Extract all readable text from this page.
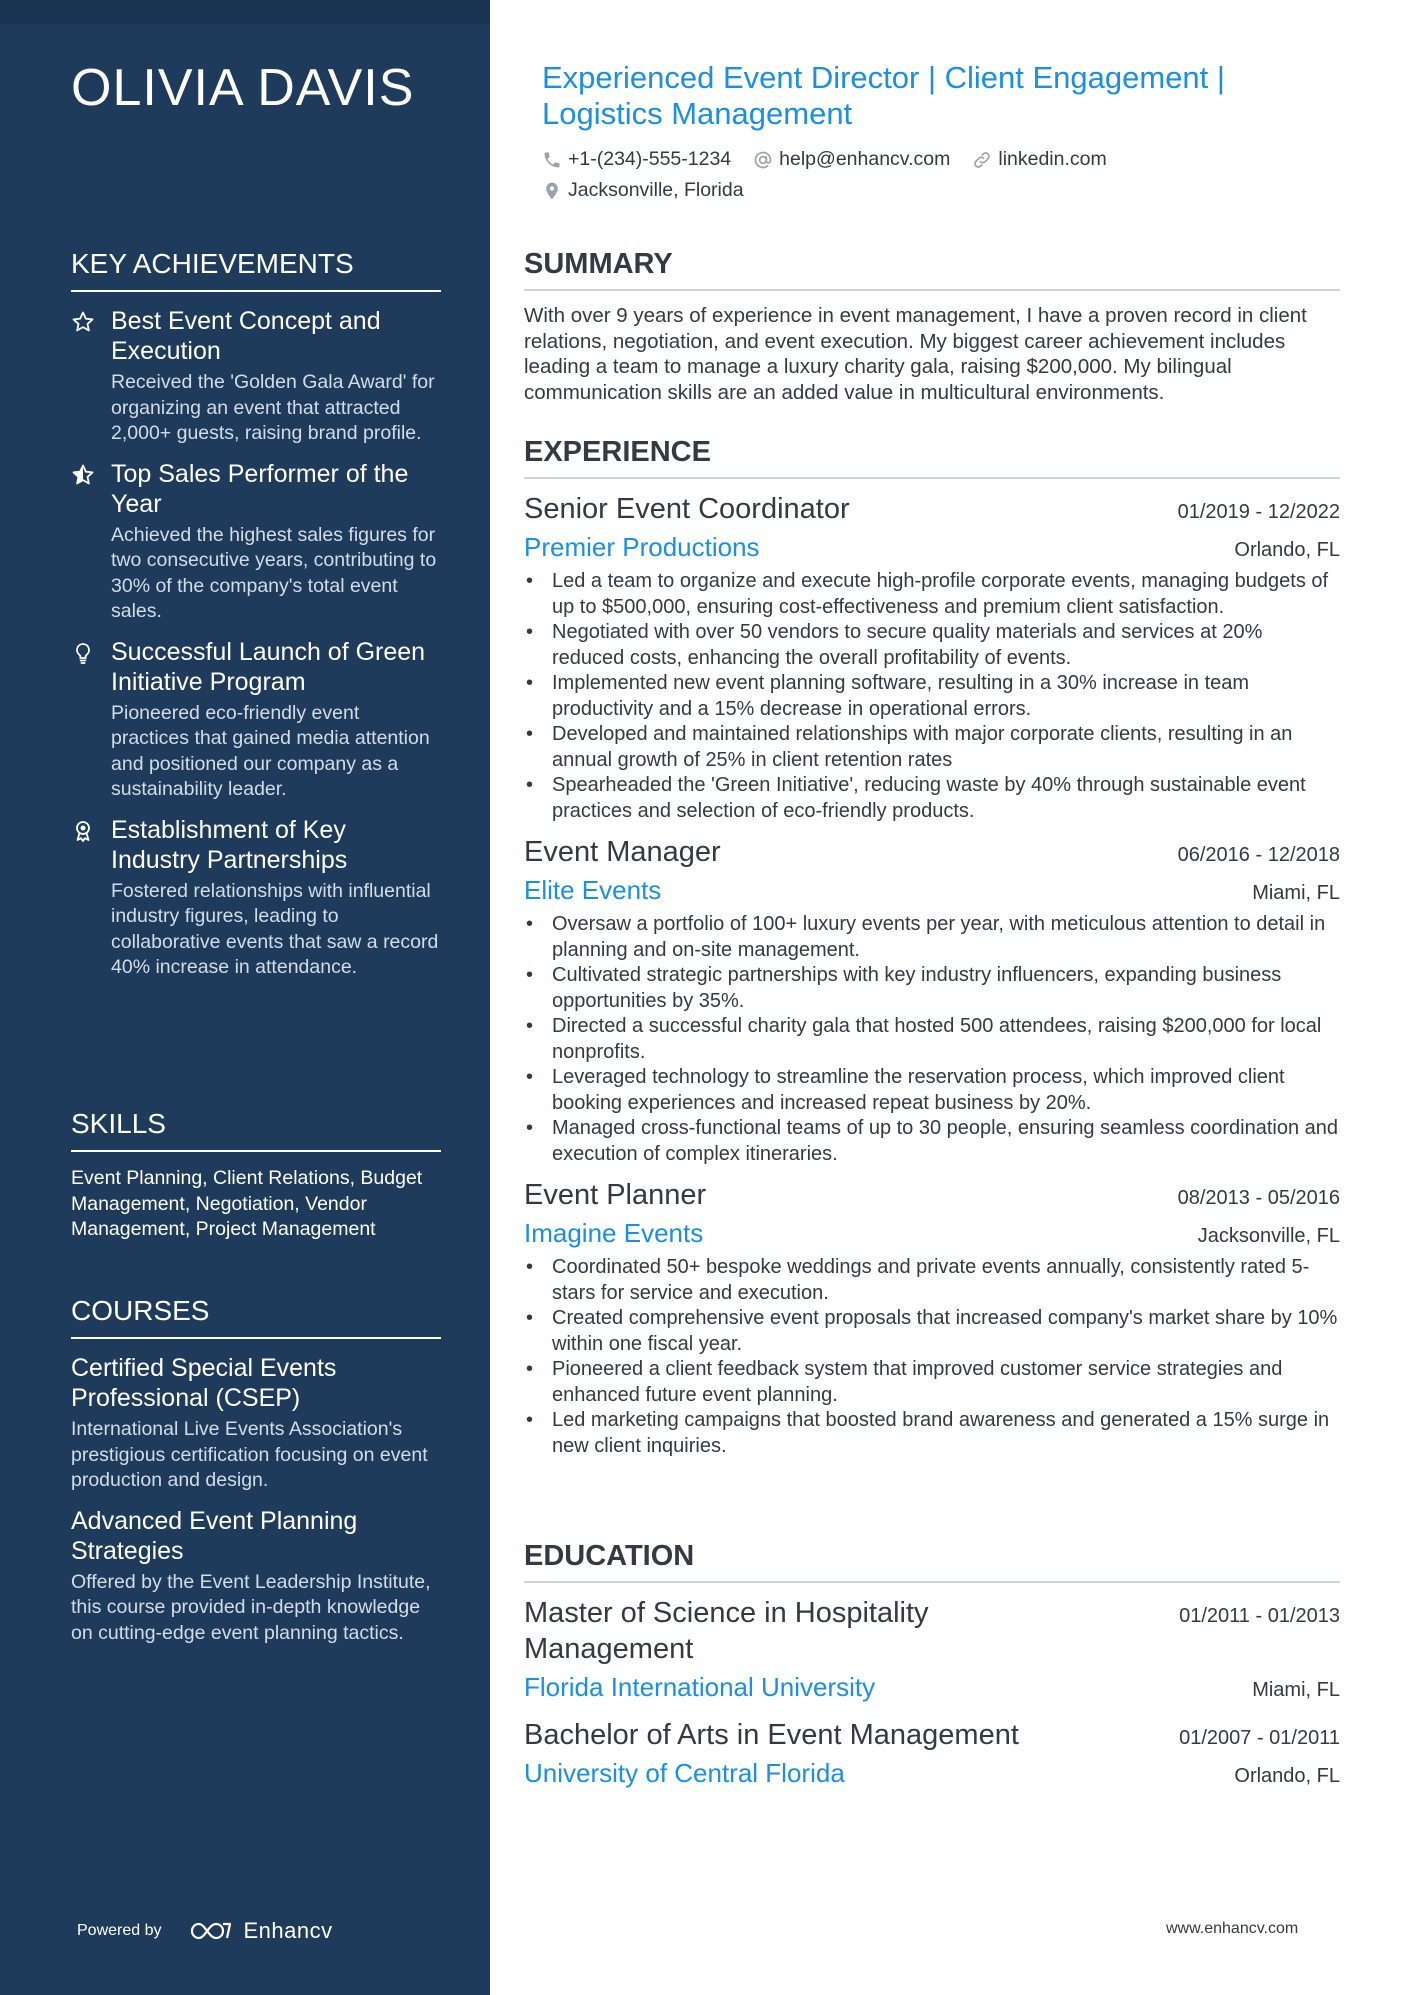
OLIVIA DAVIS
KEY ACHIEVEMENTS
Best Event Concept and Execution
Received the 'Golden Gala Award' for organizing an event that attracted 2,000+ guests, raising brand profile.
Top Sales Performer of the Year
Achieved the highest sales figures for two consecutive years, contributing to 30% of the company's total event sales.
Successful Launch of Green Initiative Program
Pioneered eco-friendly event practices that gained media attention and positioned our company as a sustainability leader.
Establishment of Key Industry Partnerships
Fostered relationships with influential industry figures, leading to collaborative events that saw a record 40% increase in attendance.
SKILLS
Event Planning, Client Relations, Budget Management, Negotiation, Vendor Management, Project Management
COURSES
Certified Special Events Professional (CSEP)
International Live Events Association's prestigious certification focusing on event production and design.
Advanced Event Planning Strategies
Offered by the Event Leadership Institute, this course provided in-depth knowledge on cutting-edge event planning tactics.
Powered by	Enhancv
Experienced Event Director | Client Engagement | Logistics Management
+1-(234)-555-1234 help@enhancv.com linkedin.com
Jacksonville, Florida
SUMMARY

With over 9 years of experience in event management, I have a proven record in client relations, negotiation, and event execution. My biggest career achievement includes leading a team to manage a luxury charity gala, raising $200,000. My bilingual communication skills are an added value in multicultural environments.

EXPERIENCE
Senior Event Coordinator	01/2019 - 12/2022
Premier Productions	Orlando, FL
• Led a team to organize and execute high-profile corporate events, managing budgets of up to $500,000, ensuring cost-effectiveness and premium client satisfaction.
• Negotiated with over 50 vendors to secure quality materials and services at 20% reduced costs, enhancing the overall profitability of events.
• Implemented new event planning software, resulting in a 30% increase in team productivity and a 15% decrease in operational errors.
• Developed and maintained relationships with major corporate clients, resulting in an annual growth of 25% in client retention rates
• Spearheaded the 'Green Initiative', reducing waste by 40% through sustainable event practices and selection of eco-friendly products.
Event Manager	06/2016 - 12/2018
Elite Events	Miami, FL
• Oversaw a portfolio of 100+ luxury events per year, with meticulous attention to detail in planning and on-site management.
• Cultivated strategic partnerships with key industry influencers, expanding business opportunities by 35%.
• Directed a successful charity gala that hosted 500 attendees, raising $200,000 for local nonprofits.
• Leveraged technology to streamline the reservation process, which improved client booking experiences and increased repeat business by 20%.
• Managed cross-functional teams of up to 30 people, ensuring seamless coordination and execution of complex itineraries.
Event Planner	08/2013 - 05/2016
Imagine Events	Jacksonville, FL
• Coordinated 50+ bespoke weddings and private events annually, consistently rated 5-stars for service and execution.
• Created comprehensive event proposals that increased company's market share by 10% within one fiscal year.
• Pioneered a client feedback system that improved customer service strategies and enhanced future event planning.
• Led marketing campaigns that boosted brand awareness and generated a 15% surge in new client inquiries.
EDUCATION
Master of Science in Hospitality Management
01/2011 - 01/2013
Florida International University	Miami, FL
Bachelor of Arts in Event Management	01/2007 - 01/2011
University of Central Florida	Orlando, FL
www.enhancv.com
